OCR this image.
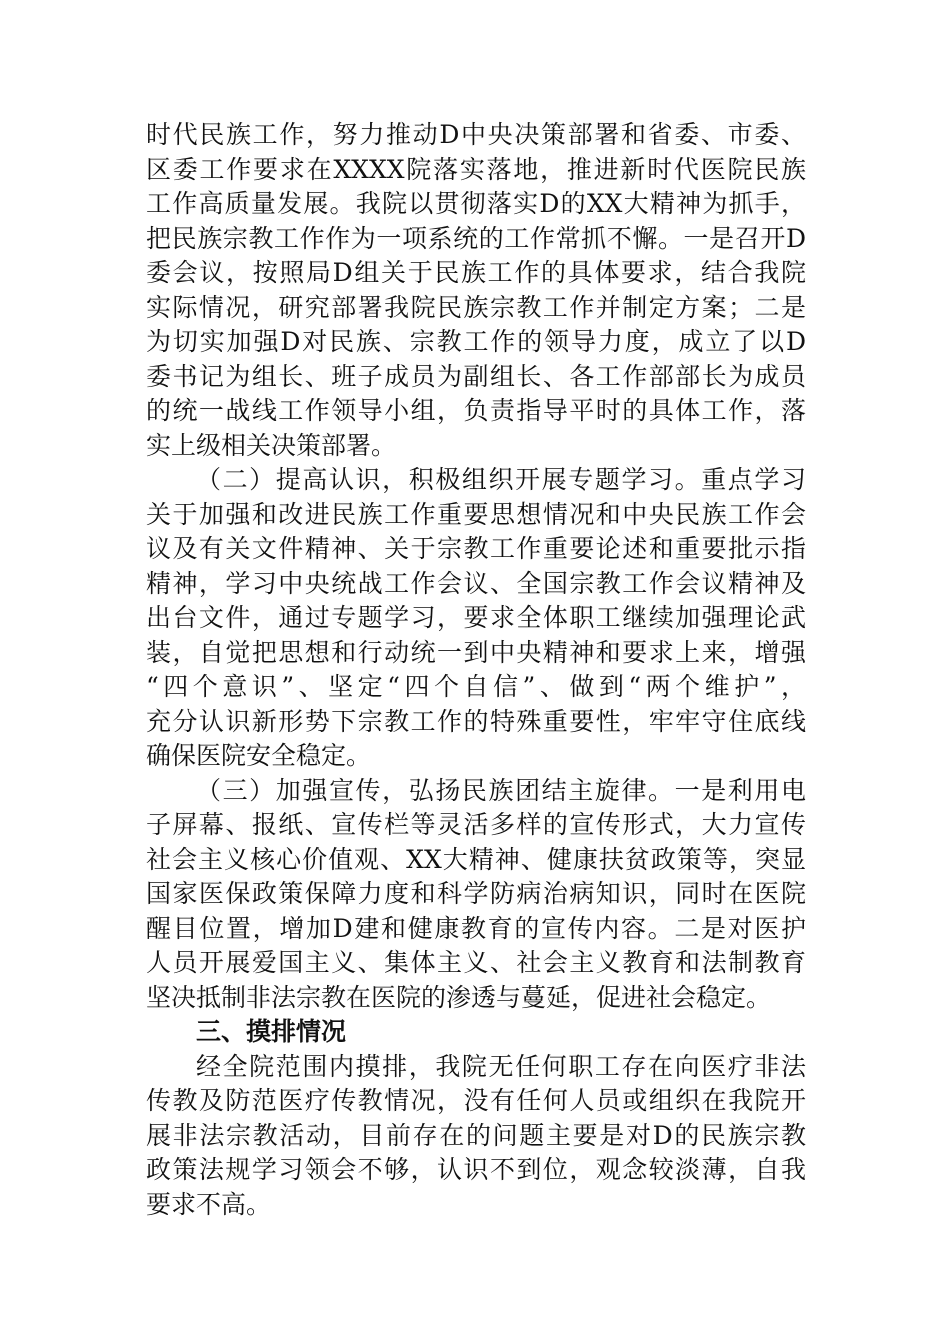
时代民族工作，努力推动D中央决策部署和省委、市委、
区委工作要求在XXXX院落实落地，推进新时代医院民族
工作高质量发展。我院以贯彻落实D的XX大精神为抓手，
把民族宗教工作作为一项系统的工作常抓不懈。一是召开D
委会议，按照局D组关于民族工作的具体要求，结合我院
实际情况，研究部署我院民族宗教工作并制定方案；二是
为切实加强D对民族、宗教工作的领导力度，成立了以D
委书记为组长、班子成员为副组长、各工作部部长为成员
的统一战线工作领导小组，负责指导平时的具体工作，落
实上级相关决策部署。
（二）提高认识，积极组织开展专题学习。重点学习
关于加强和改进民族工作重要思想情况和中央民族工作会
议及有关文件精神、关于宗教工作重要论述和重要批示指
精神，学习中央统战工作会议、全国宗教工作会议精神及
出台文件，通过专题学习，要求全体职工继续加强理论武
装，自觉把思想和行动统一到中央精神和要求上来，增强
“四个意识”、坚定“四个自信”、做到“两个维护”，
充分认识新形势下宗教工作的特殊重要性，牢牢守住底线
确保医院安全稳定。
（三）加强宣传，弘扬民族团结主旋律。一是利用电
子屏幕、报纸、宣传栏等灵活多样的宣传形式，大力宣传
社会主义核心价值观、XX大精神、健康扶贫政策等，突显
国家医保政策保障力度和科学防病治病知识，同时在医院
醒目位置，增加D建和健康教育的宣传内容。二是对医护
人员开展爱国主义、集体主义、社会主义教育和法制教育
坚决抵制非法宗教在医院的渗透与蔓延，促进社会稳定。
三、摸排情况
经全院范围内摸排，我院无任何职工存在向医疗非法
传教及防范医疗传教情况，没有任何人员或组织在我院开
展非法宗教活动，目前存在的问题主要是对D的民族宗教
政策法规学习领会不够，认识不到位，观念较淡薄，自我
要求不高。
